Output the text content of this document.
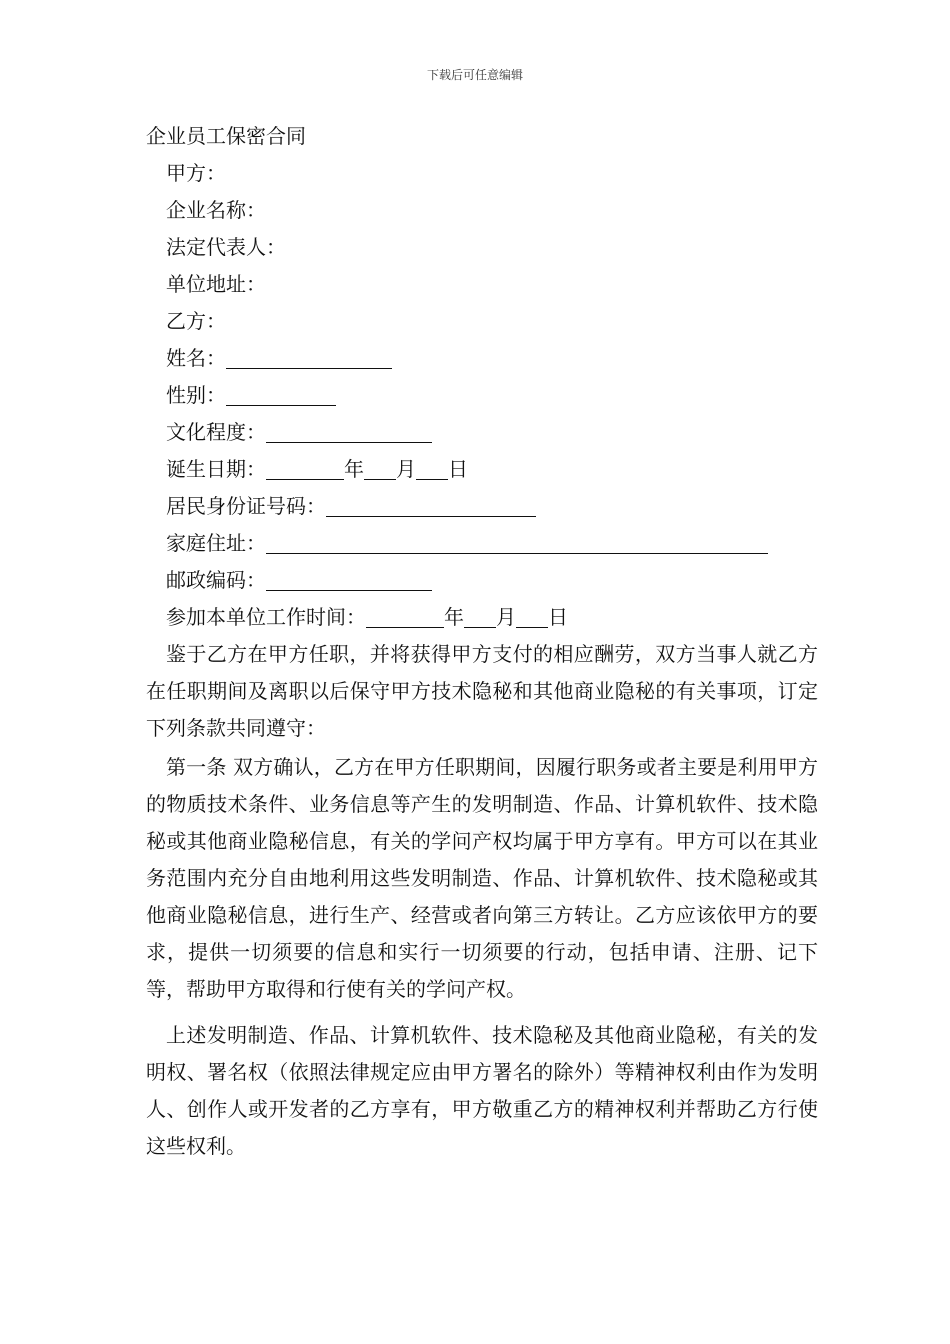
下载后可任意编辑
企业员工保密合同
甲方：
企业名称：
法定代表人：
单位地址：
乙方：
姓名：
性别：
文化程度：
诞生日期：	年 月 日
居民身份证号码：
家庭住址：
邮政编码：
参加本单位工作时间：	年 月 日

鉴于乙方在甲方任职，并将获得甲方支付的相应酬劳，双方当事人就乙方在任职期间及离职以后保守甲方技术隐秘和其他商业隐秘的有关事项，订定下列条款共同遵守：

第一条 双方确认，乙方在甲方任职期间，因履行职务或者主要是利用甲方的物质技术条件、业务信息等产生的发明制造、作品、计算机软件、技术隐秘或其他商业隐秘信息，有关的学问产权均属于甲方享有。甲方可以在其业务范围内充分自由地利用这些发明制造、作品、计算机软件、技术隐秘或其他商业隐秘信息，进行生产、经营或者向第三方转让。乙方应该依甲方的要求，提供一切须要的信息和实行一切须要的行动，包括申请、注册、记下等，帮助甲方取得和行使有关的学问产权。

上述发明制造、作品、计算机软件、技术隐秘及其他商业隐秘，有关的发明权、署名权（依照法律规定应由甲方署名的除外）等精神权利由作为发明人、创作人或开发者的乙方享有，甲方敬重乙方的精神权利并帮助乙方行使这些权利。
